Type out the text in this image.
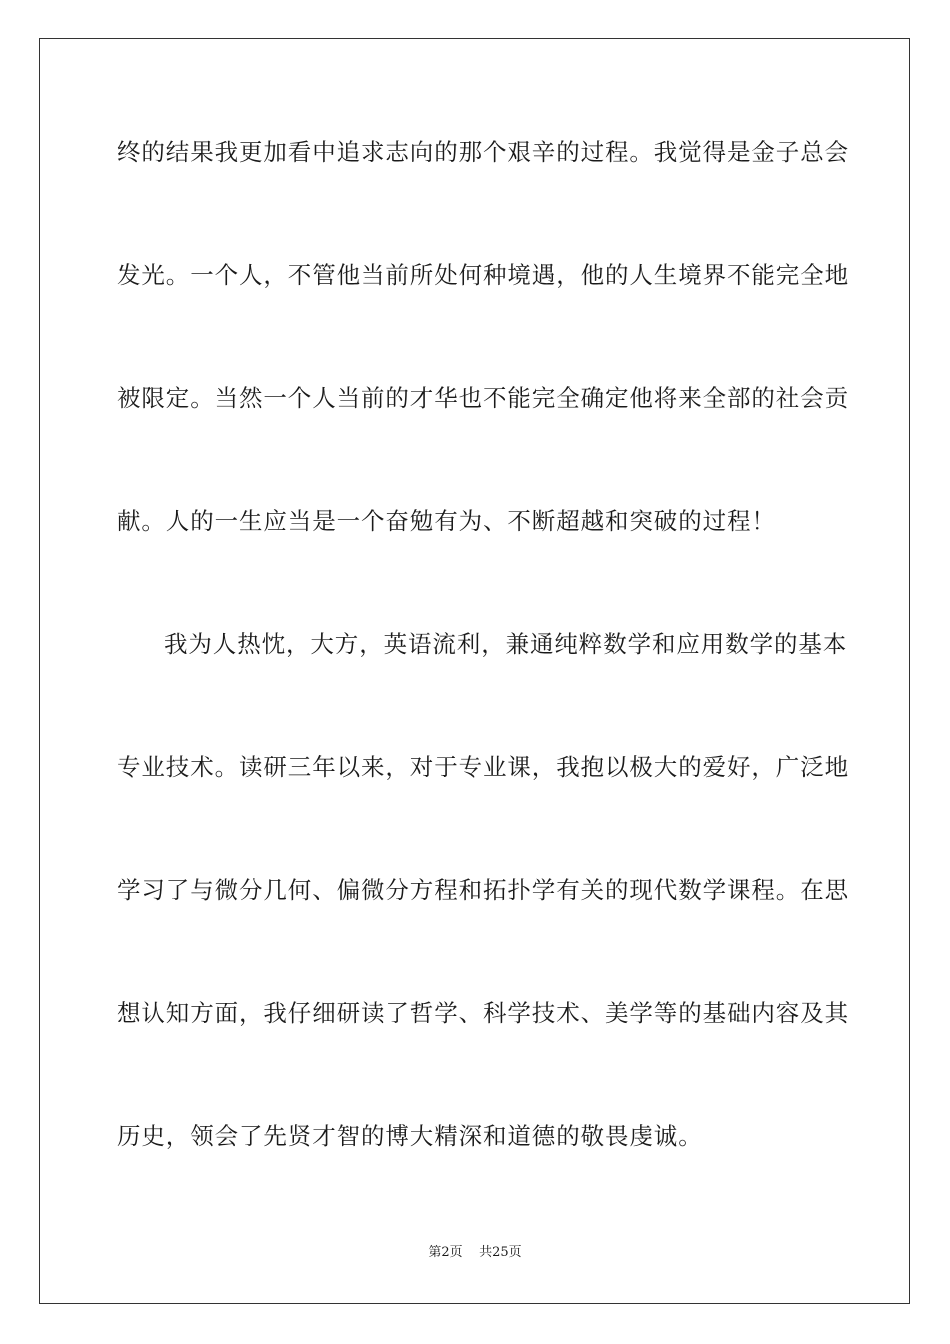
终的结果我更加看中追求志向的那个艰辛的过程。我觉得是金子总会
发光。一个人，不管他当前所处何种境遇，他的人生境界不能完全地
被限定。当然一个人当前的才华也不能完全确定他将来全部的社会贡
献。人的一生应当是一个奋勉有为、不断超越和突破的过程！
我为人热忱，大方，英语流利，兼通纯粹数学和应用数学的基本
专业技术。读研三年以来，对于专业课，我抱以极大的爱好，广泛地
学习了与微分几何、偏微分方程和拓扑学有关的现代数学课程。在思
想认知方面，我仔细研读了哲学、科学技术、美学等的基础内容及其
历史，领会了先贤才智的博大精深和道德的敬畏虔诚。
第2页    共25页
